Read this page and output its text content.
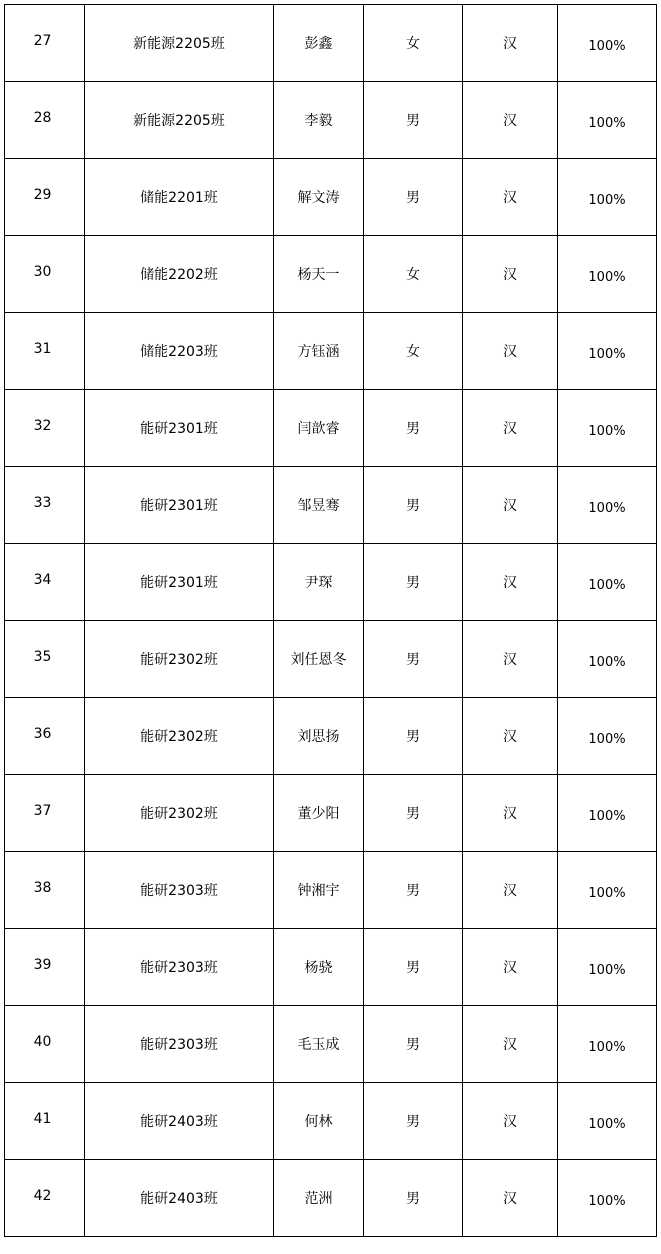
27	新能源2205班	彭鑫	女	汉	100%
28	新能源2205班	李毅	男	汉	100%
29	储能2201班	解文涛	男	汉	100%
30	储能2202班	杨天一	女	汉	100%
31	储能2203班	方钰涵	女	汉	100%
32	能研2301班	闫歆睿	男	汉	100%
33	能研2301班	邹昱骞	男	汉	100%
34	能研2301班	尹琛	男	汉	100%
35	能研2302班	刘任恩冬	男	汉	100%
36	能研2302班	刘思扬	男	汉	100%
37	能研2302班	董少阳	男	汉	100%
38	能研2303班	钟湘宇	男	汉	100%
39	能研2303班	杨骁	男	汉	100%
40	能研2303班	毛玉成	男	汉	100%
41	能研2403班	何林	男	汉	100%
42	能研2403班	范洲	男	汉	100%
